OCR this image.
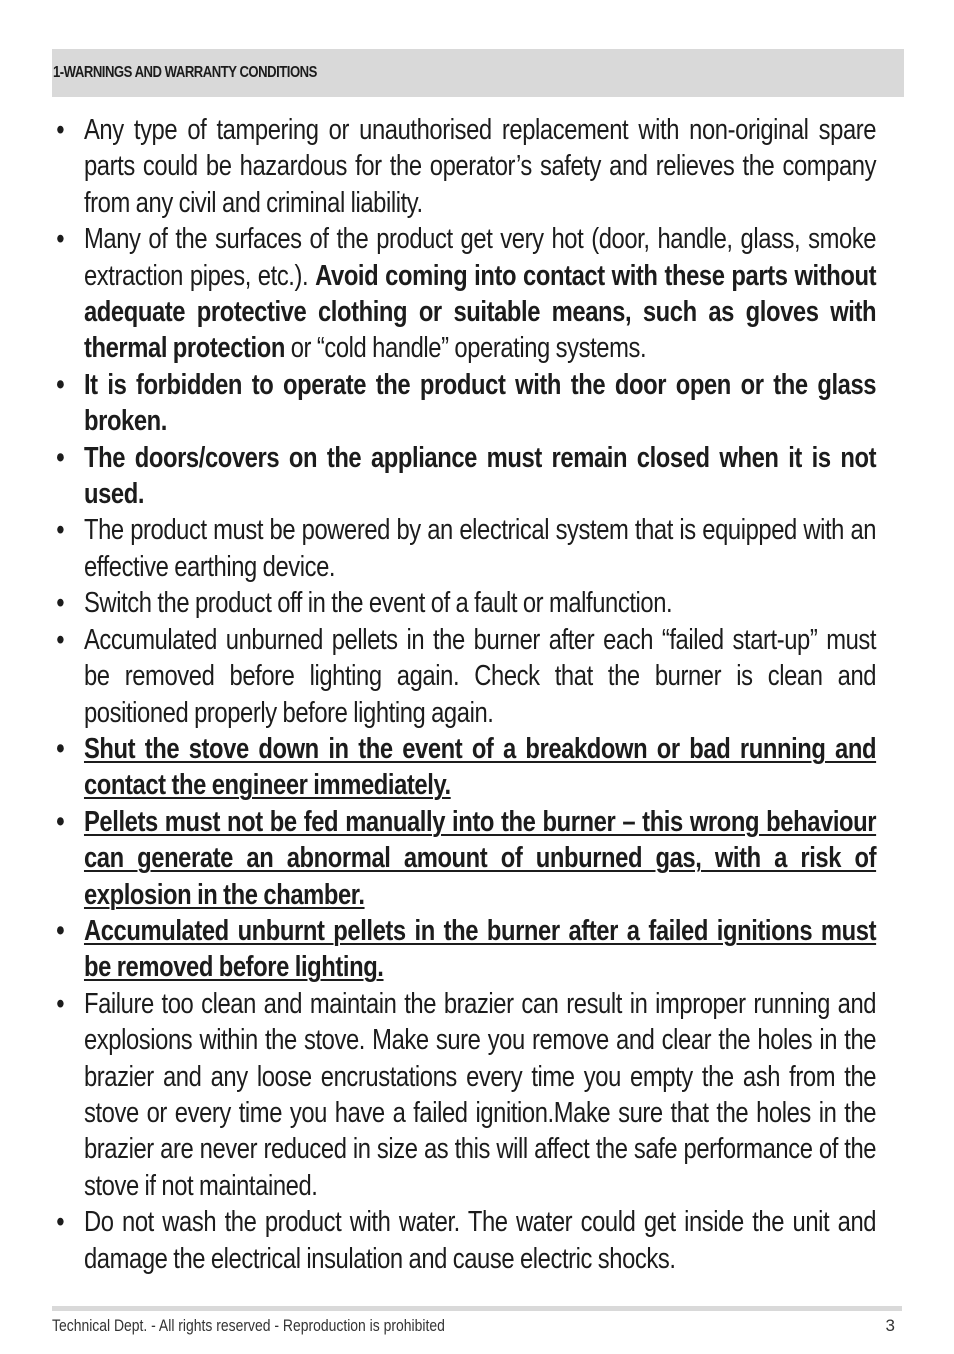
1-WARNINGS AND WARRANTY CONDITIONS
• Any type of tampering or unauthorised replacement with non-original spare parts could be hazardous for the operator’s safety and relieves the company from any civil and criminal liability.
• Many of the surfaces of the product get very hot (door, handle, glass, smoke extraction pipes, etc.). Avoid coming into contact with these parts without adequate protective clothing or suitable means, such as gloves with thermal protection or “cold handle” operating systems.
• It is forbidden to operate the product with the door open or the glass broken.
• The doors/covers on the appliance must remain closed when it is not used.
• The product must be powered by an electrical system that is equipped with an effective earthing device.
• Switch the product off in the event of a fault or malfunction.
• Accumulated unburned pellets in the burner after each “failed start-up” must be removed before lighting again. Check that the burner is clean and positioned properly before lighting again.
• Shut the stove down in the event of a breakdown or bad running and contact the engineer immediately.
• Pellets must not be fed manually into the burner – this wrong behaviour can generate an abnormal amount of unburned gas, with a risk of explosion in the chamber.
• Accumulated unburnt pellets in the burner after a failed ignitions must be removed before lighting.
• Failure too clean and maintain the brazier can result in improper running and explosions within the stove. Make sure you remove and clear the holes in the brazier and any loose encrustations every time you empty the ash from the stove or every time you have a failed ignition.Make sure that the holes in the brazier are never reduced in size as this will affect the safe performance of the stove if not maintained.
• Do not wash the product with water. The water could get inside the unit and damage the electrical insulation and cause electric shocks.
Technical Dept. - All rights reserved - Reproduction is prohibited	3
